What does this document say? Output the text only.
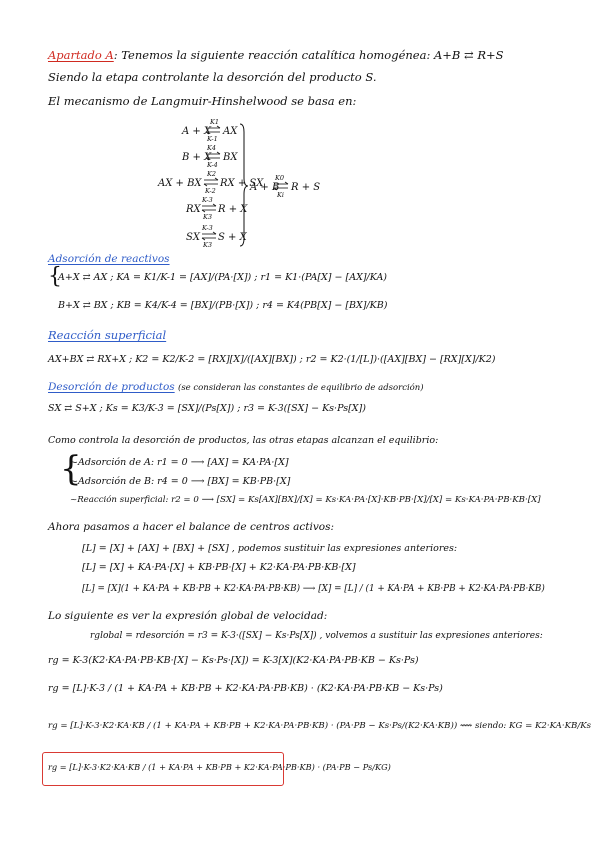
Apartado A: Tenemos la siguiente reacción catalítica homogénea: A+B ⇄ R+S
Siendo la etapa controlante la desorción del producto S.
El mecanismo de Langmuir-Hinshelwood se basa en:
A + X
K1
K-1
AX
B + X
K4
K-4
BX
AX + BX
K2
K-2
RX + SX
RX
K-3
K3
R + X
SX
K-3
K3
S + X
A + B
K0
Ki
R + S
Adsorción de reactivos
{
A+X ⇄ AX ; KA = K1/K-1 = [AX]/(PA·[X]) ; r1 = K1·(PA[X] − [AX]/KA)
B+X ⇄ BX ; KB = K4/K-4 = [BX]/(PB·[X]) ; r4 = K4(PB[X] − [BX]/KB)
Reacción superficial
AX+BX ⇄ RX+X ; K2 = K2/K-2 = [RX][X]/([AX][BX]) ; r2 = K2·(1/[L])·([AX][BX] − [RX][X]/K2)
Desorción de productos (se consideran las constantes de equilibrio de adsorción)
SX ⇄ S+X ; Ks = K3/K-3 = [SX]/(Ps[X]) ; r3 = K-3([SX] − Ks·Ps[X])
Como controla la desorción de productos, las otras etapas alcanzan el equilibrio:
{
~Adsorción de A: r1 = 0 ⟶ [AX] = KA·PA·[X]
~Adsorción de B: r4 = 0 ⟶ [BX] = KB·PB·[X]
~Reacción superficial: r2 = 0 ⟶ [SX] = Ks[AX][BX]/[X] = Ks·KA·PA·[X]·KB·PB·[X]/[X] = Ks·KA·PA·PB·KB·[X]
Ahora pasamos a hacer el balance de centros activos:
[L] = [X] + [AX] + [BX] + [SX] , podemos sustituir las expresiones anteriores:
[L] = [X] + KA·PA·[X] + KB·PB·[X] + K2·KA·PA·PB·KB·[X]
[L] = [X](1 + KA·PA + KB·PB + K2·KA·PA·PB·KB) ⟶ [X] = [L] / (1 + KA·PA + KB·PB + K2·KA·PA·PB·KB)
Lo siguiente es ver la expresión global de velocidad:
rglobal = rdesorción = r3 = K-3·([SX] − Ks·Ps[X]) , volvemos a sustituir las expresiones anteriores:
rg = K-3(K2·KA·PA·PB·KB·[X] − Ks·Ps·[X]) = K-3[X](K2·KA·PA·PB·KB − Ks·Ps)
rg = [L]·K-3 / (1 + KA·PA + KB·PB + K2·KA·PA·PB·KB) · (K2·KA·PA·PB·KB − Ks·Ps)
rg = [L]·K-3·K2·KA·KB / (1 + KA·PA + KB·PB + K2·KA·PA·PB·KB) · (PA·PB − Ks·Ps/(K2·KA·KB)) ⟿ siendo: KG = K2·KA·KB/Ks
rg = [L]·K-3·K2·KA·KB / (1 + KA·PA + KB·PB + K2·KA·PA·PB·KB) · (PA·PB − Ps/KG)
